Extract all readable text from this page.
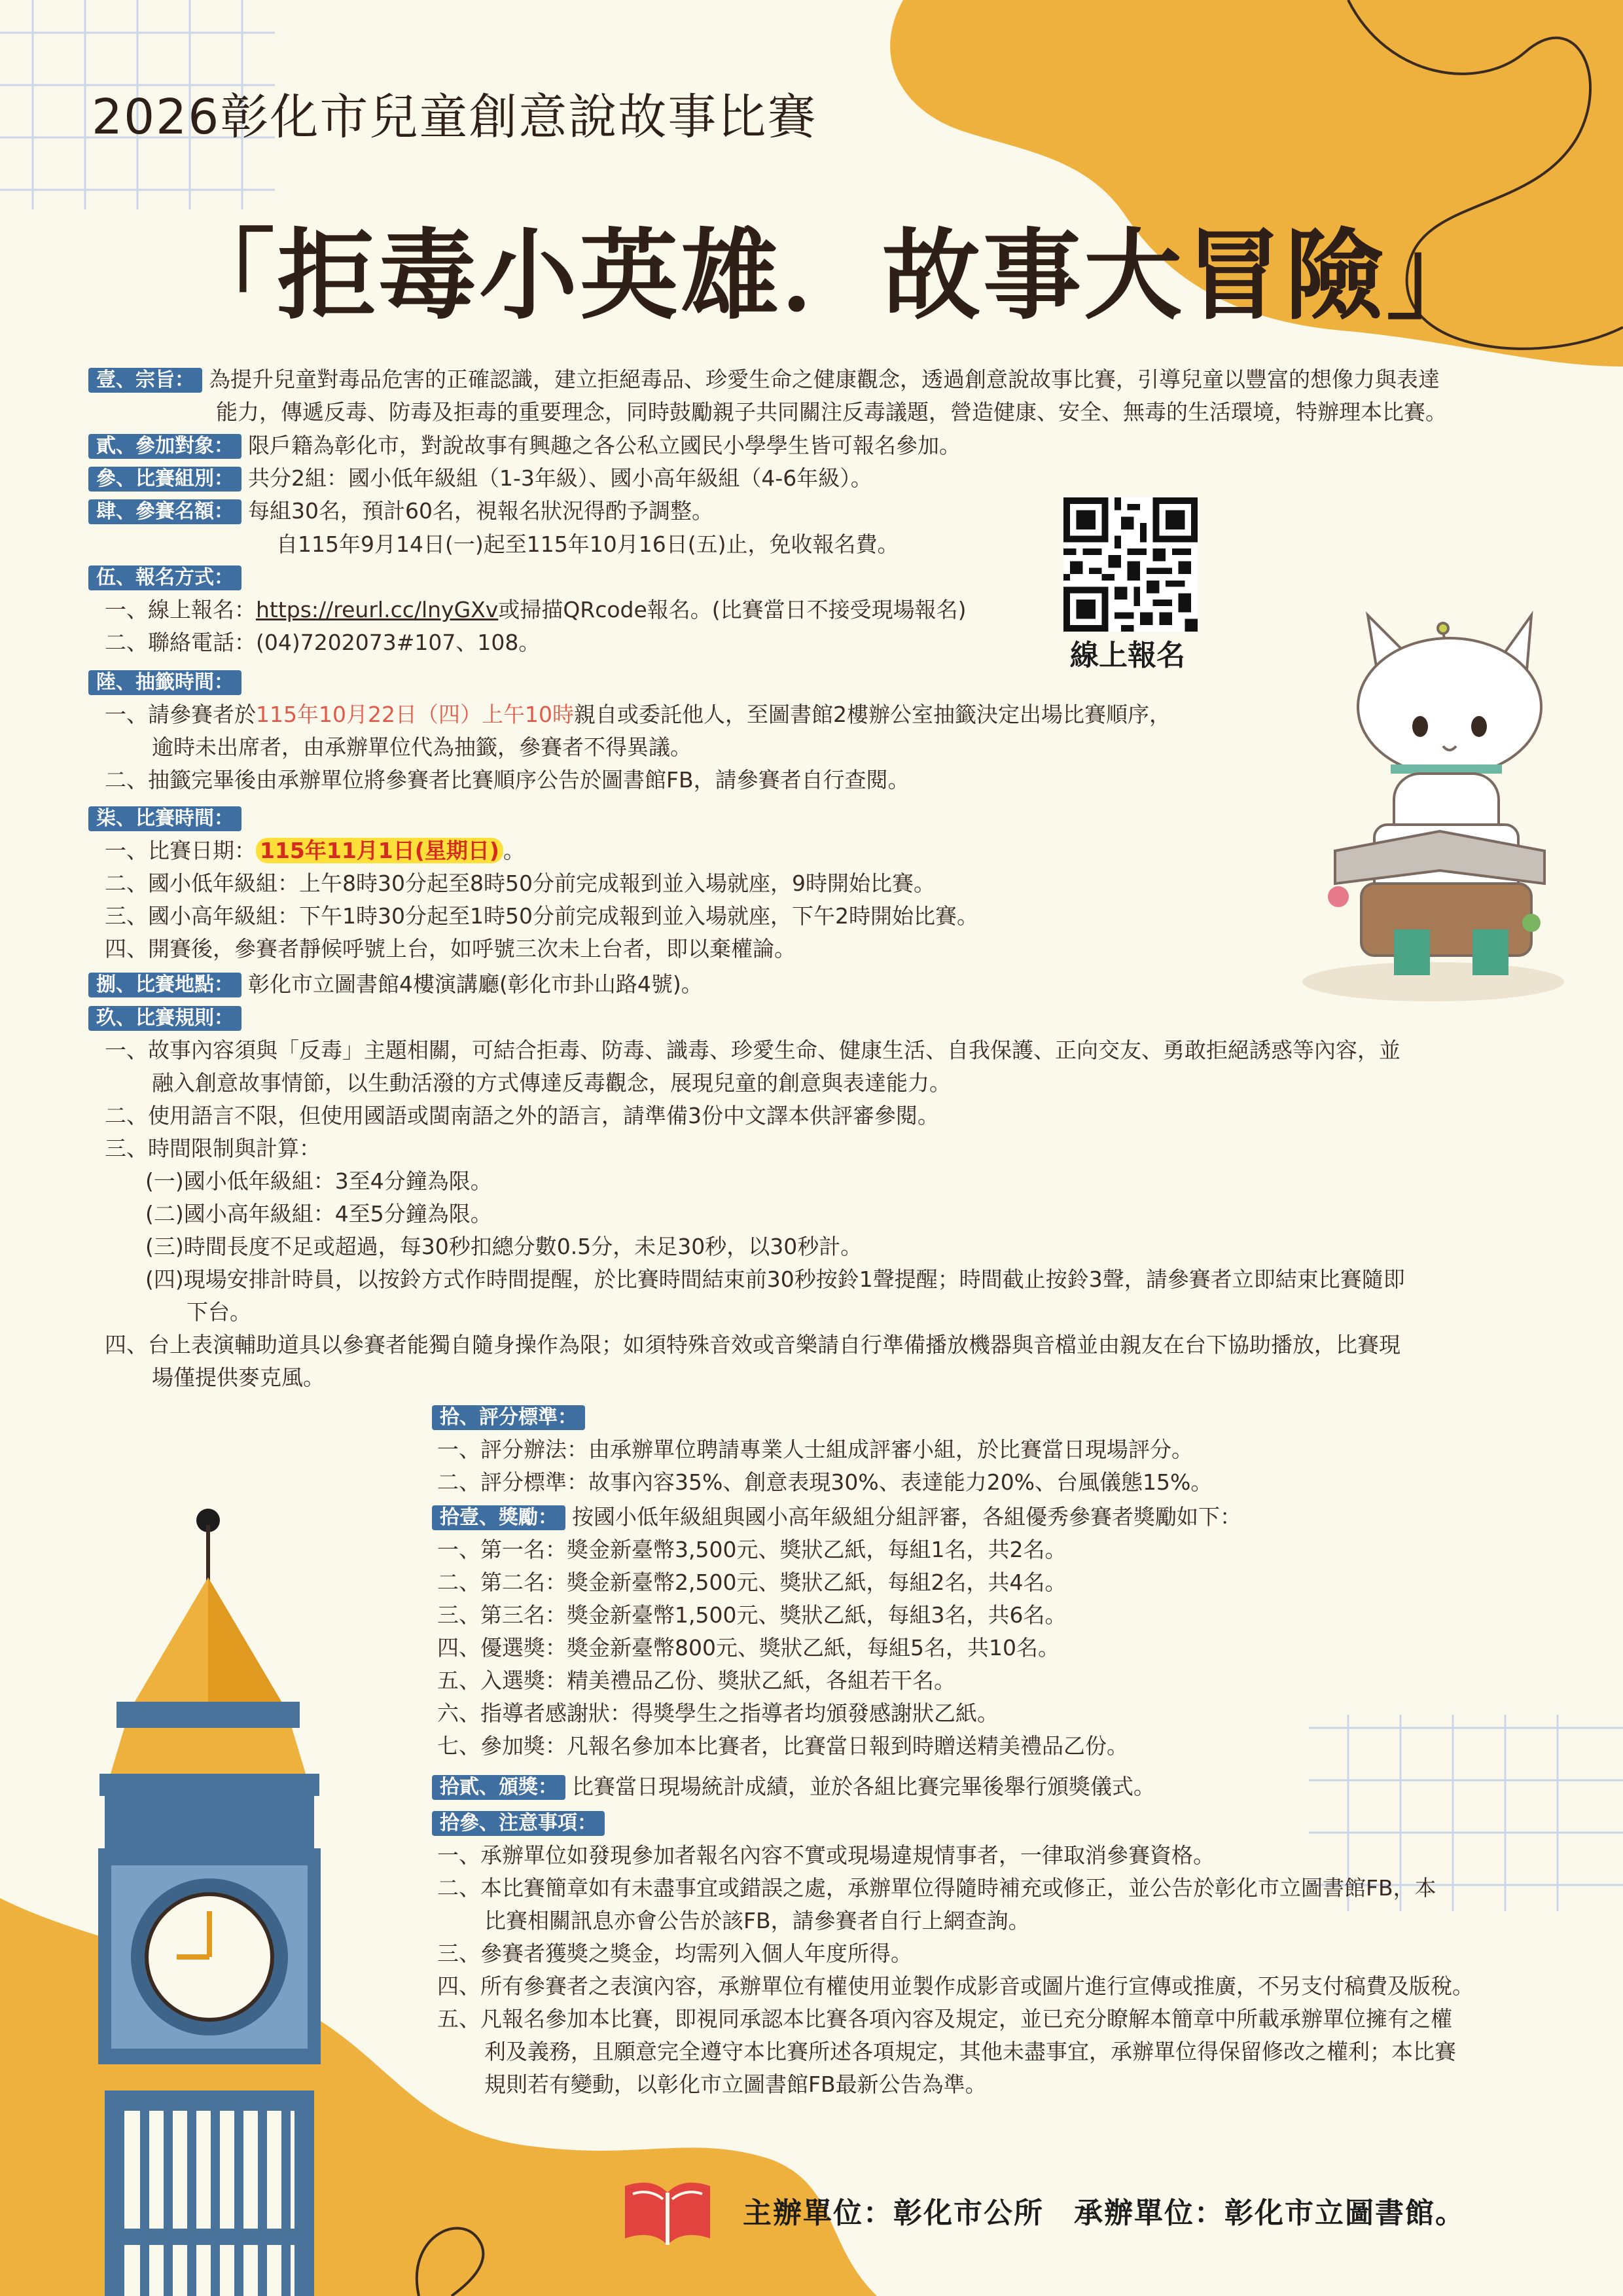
2026彰化市兒童創意說故事比賽
「拒毒小英雄．故事大冒險」
壹、宗旨： 為提升兒童對毒品危害的正確認識，建立拒絕毒品、珍愛生命之健康觀念，透過創意說故事比賽，引導兒童以豐富的想像力與表達
能力，傳遞反毒、防毒及拒毒的重要理念，同時鼓勵親子共同關注反毒議題，營造健康、安全、無毒的生活環境，特辦理本比賽。
貳、參加對象： 限戶籍為彰化市，對說故事有興趣之各公私立國民小學學生皆可報名參加。
參、比賽組別： 共分2組：國小低年級組（1-3年級）、國小高年級組（4-6年級）。
肆、參賽名額： 每組30名，預計60名，視報名狀況得酌予調整。
自115年9月14日(一)起至115年10月16日(五)止，免收報名費。
線上報名
伍、報名方式：
一、線上報名：https://reurl.cc/lnyGXv或掃描QRcode報名。(比賽當日不接受現場報名)
二、聯絡電話：(04)7202073#107、108。
陸、抽籤時間：
一、請參賽者於115年10月22日（四）上午10時親自或委託他人，至圖書館2樓辦公室抽籤決定出場比賽順序，
逾時未出席者，由承辦單位代為抽籤，參賽者不得異議。
二、抽籤完畢後由承辦單位將參賽者比賽順序公告於圖書館FB，請參賽者自行查閱。
柒、比賽時間：
一、比賽日期： 115年11月1日(星期日) 。
二、國小低年級組：上午8時30分起至8時50分前完成報到並入場就座，9時開始比賽。
三、國小高年級組：下午1時30分起至1時50分前完成報到並入場就座，下午2時開始比賽。
四、開賽後，參賽者靜候呼號上台，如呼號三次未上台者，即以棄權論。
捌、比賽地點： 彰化市立圖書館4樓演講廳(彰化市卦山路4號)。
玖、比賽規則：
一、故事內容須與「反毒」主題相關，可結合拒毒、防毒、識毒、珍愛生命、健康生活、自我保護、正向交友、勇敢拒絕誘惑等內容，並
融入創意故事情節，以生動活潑的方式傳達反毒觀念，展現兒童的創意與表達能力。
二、使用語言不限，但使用國語或閩南語之外的語言，請準備3份中文譯本供評審參閱。
三、時間限制與計算：
(一)國小低年級組：3至4分鐘為限。
(二)國小高年級組：4至5分鐘為限。
(三)時間長度不足或超過，每30秒扣總分數0.5分，未足30秒，以30秒計。
(四)現場安排計時員，以按鈴方式作時間提醒，於比賽時間結束前30秒按鈴1聲提醒；時間截止按鈴3聲，請參賽者立即結束比賽隨即
下台。
四、台上表演輔助道具以參賽者能獨自隨身操作為限；如須特殊音效或音樂請自行準備播放機器與音檔並由親友在台下協助播放，比賽現
場僅提供麥克風。
拾、評分標準：
一、評分辦法：由承辦單位聘請專業人士組成評審小組，於比賽當日現場評分。
二、評分標準：故事內容35%、創意表現30%、表達能力20%、台風儀態15%。
拾壹、獎勵： 按國小低年級組與國小高年級組分組評審，各組優秀參賽者獎勵如下：
一、第一名：獎金新臺幣3,500元、獎狀乙紙，每組1名，共2名。
二、第二名：獎金新臺幣2,500元、獎狀乙紙，每組2名，共4名。
三、第三名：獎金新臺幣1,500元、獎狀乙紙，每組3名，共6名。
四、優選獎：獎金新臺幣800元、獎狀乙紙，每組5名，共10名。
五、入選獎：精美禮品乙份、獎狀乙紙，各組若干名。
六、指導者感謝狀：得獎學生之指導者均頒發感謝狀乙紙。
七、參加獎：凡報名參加本比賽者，比賽當日報到時贈送精美禮品乙份。
拾貳、頒獎： 比賽當日現場統計成績，並於各組比賽完畢後舉行頒獎儀式。
拾參、注意事項：
一、承辦單位如發現參加者報名內容不實或現場違規情事者，一律取消參賽資格。
二、本比賽簡章如有未盡事宜或錯誤之處，承辦單位得隨時補充或修正，並公告於彰化市立圖書館FB，本
比賽相關訊息亦會公告於該FB，請參賽者自行上網查詢。
三、參賽者獲獎之獎金，均需列入個人年度所得。
四、所有參賽者之表演內容，承辦單位有權使用並製作成影音或圖片進行宣傳或推廣，不另支付稿費及版稅。
五、凡報名參加本比賽，即視同承認本比賽各項內容及規定，並已充分瞭解本簡章中所載承辦單位擁有之權
利及義務，且願意完全遵守本比賽所述各項規定，其他未盡事宜，承辦單位得保留修改之權利；本比賽
規則若有變動，以彰化市立圖書館FB最新公告為準。
主辦單位：彰化市公所　承辦單位：彰化市立圖書館。
